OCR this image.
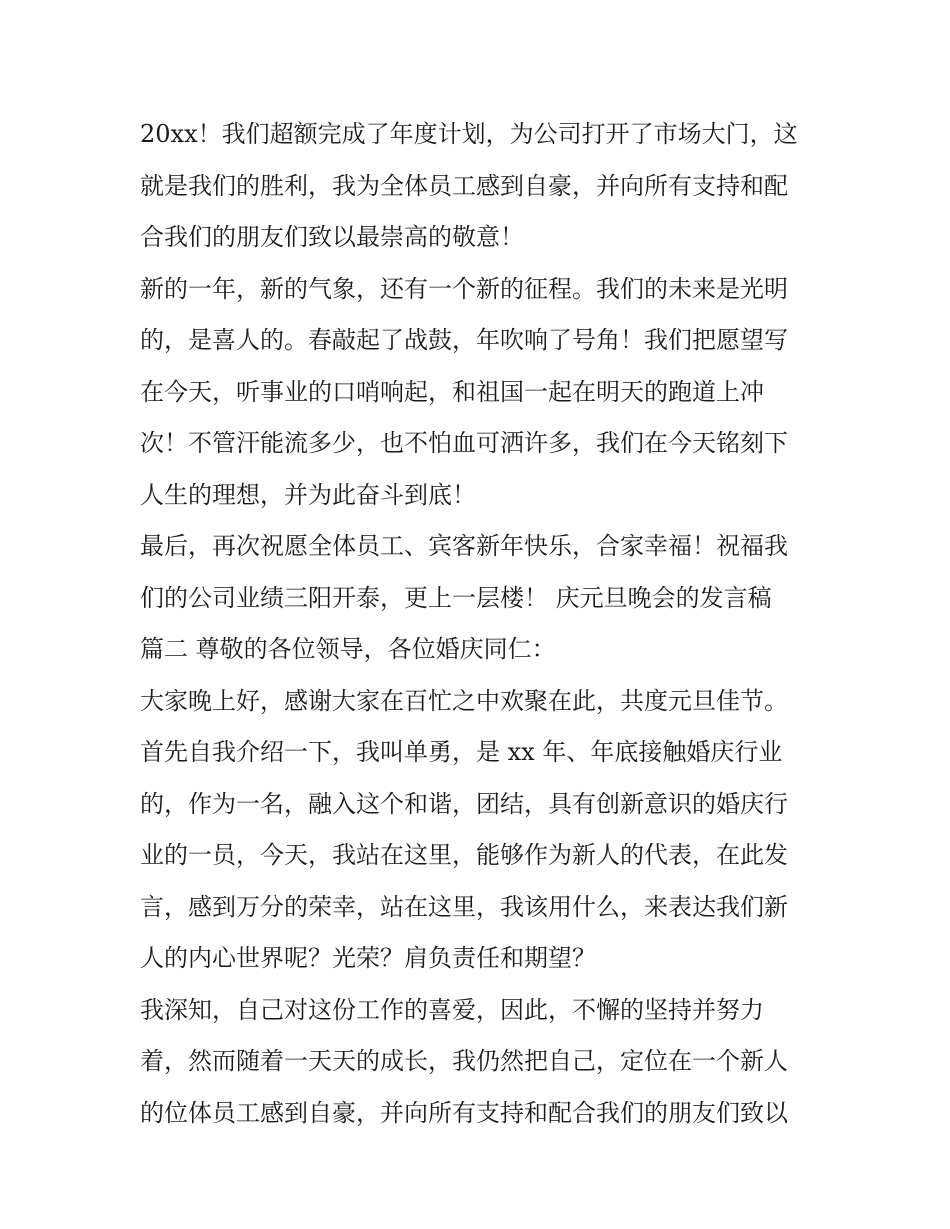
20xx！我们超额完成了年度计划，为公司打开了市场大门，这
就是我们的胜利，我为全体员工感到自豪，并向所有支持和配
合我们的朋友们致以最崇高的敬意！
新的一年，新的气象，还有一个新的征程。我们的未来是光明
的，是喜人的。春敲起了战鼓，年吹响了号角！我们把愿望写
在今天，听事业的口哨响起，和祖国一起在明天的跑道上冲
次！不管汗能流多少，也不怕血可洒许多，我们在今天铭刻下
人生的理想，并为此奋斗到底！
最后，再次祝愿全体员工、宾客新年快乐，合家幸福！祝福我
们的公司业绩三阳开泰，更上一层楼！ 庆元旦晚会的发言稿
篇二 尊敬的各位领导，各位婚庆同仁：
大家晚上好，感谢大家在百忙之中欢聚在此，共度元旦佳节。
首先自我介绍一下，我叫单勇，是 xx 年、年底接触婚庆行业
的，作为一名，融入这个和谐，团结，具有创新意识的婚庆行
业的一员，今天，我站在这里，能够作为新人的代表，在此发
言，感到万分的荣幸，站在这里，我该用什么，来表达我们新
人的内心世界呢？光荣？肩负责任和期望？
我深知，自己对这份工作的喜爱，因此，不懈的坚持并努力
着，然而随着一天天的成长，我仍然把自己，定位在一个新人
的位体员工感到自豪，并向所有支持和配合我们的朋友们致以
